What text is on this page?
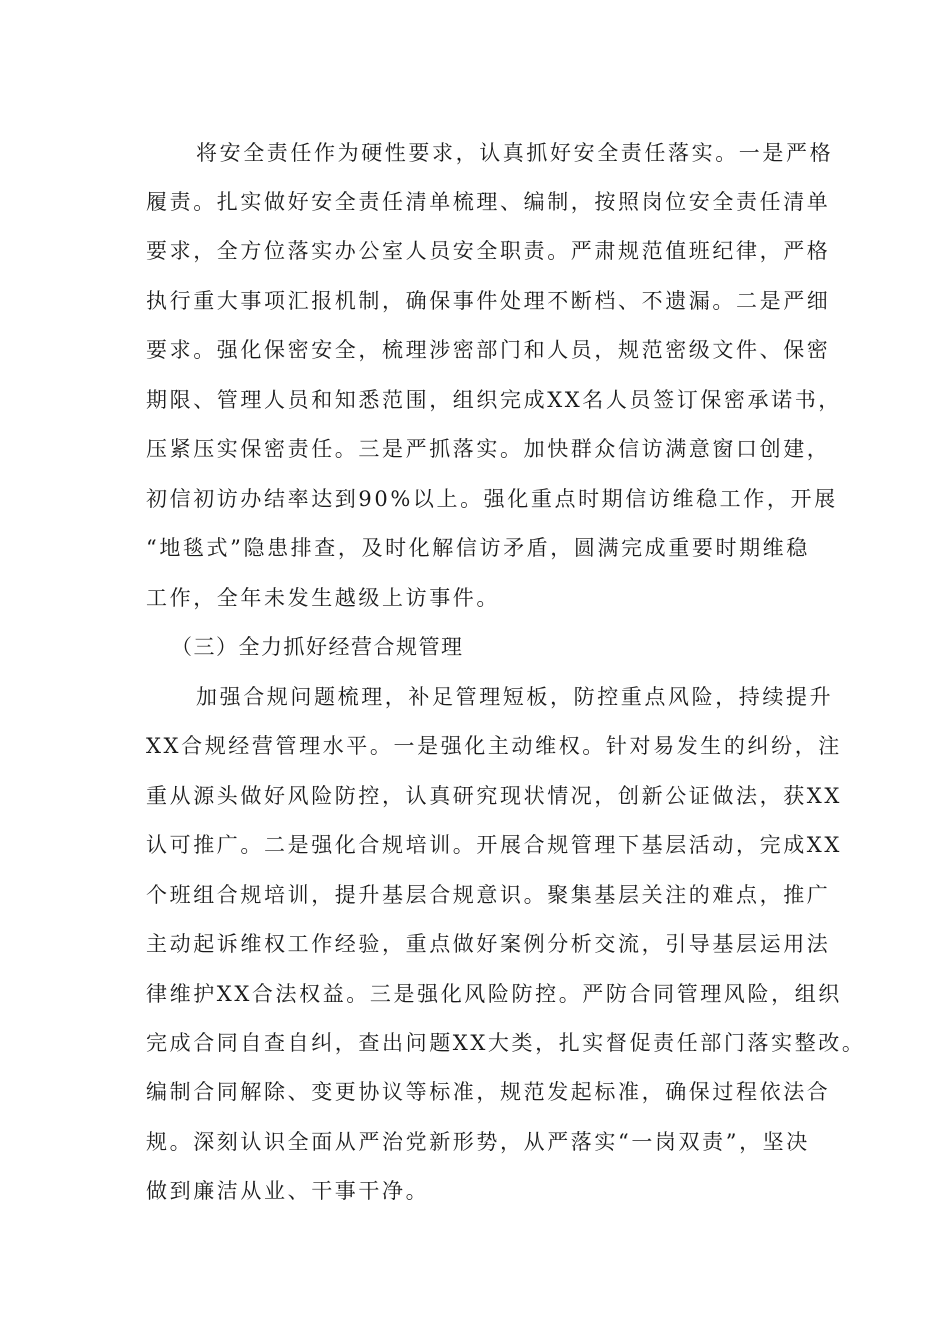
将安全责任作为硬性要求，认真抓好安全责任落实。一是严格

履责。扎实做好安全责任清单梳理、编制，按照岗位安全责任清单

要求，全方位落实办公室人员安全职责。严肃规范值班纪律，严格

执行重大事项汇报机制，确保事件处理不断档、不遗漏。二是严细

要求。强化保密安全，梳理涉密部门和人员，规范密级文件、保密

期限、管理人员和知悉范围，组织完成XX名人员签订保密承诺书，

压紧压实保密责任。三是严抓落实。加快群众信访满意窗口创建，

初信初访办结率达到90%以上。强化重点时期信访维稳工作，开展

“地毯式”隐患排查，及时化解信访矛盾，圆满完成重要时期维稳

工作，全年未发生越级上访事件。

（三）全力抓好经营合规管理

加强合规问题梳理，补足管理短板，防控重点风险，持续提升

XX合规经营管理水平。一是强化主动维权。针对易发生的纠纷，注

重从源头做好风险防控，认真研究现状情况，创新公证做法，获XX

认可推广。二是强化合规培训。开展合规管理下基层活动，完成XX

个班组合规培训，提升基层合规意识。聚集基层关注的难点，推广

主动起诉维权工作经验，重点做好案例分析交流，引导基层运用法

律维护XX合法权益。三是强化风险防控。严防合同管理风险，组织

完成合同自查自纠，查出问题XX大类，扎实督促责任部门落实整改。

编制合同解除、变更协议等标准，规范发起标准，确保过程依法合

规。深刻认识全面从严治党新形势，从严落实“一岗双责”，坚决

做到廉洁从业、干事干净。
